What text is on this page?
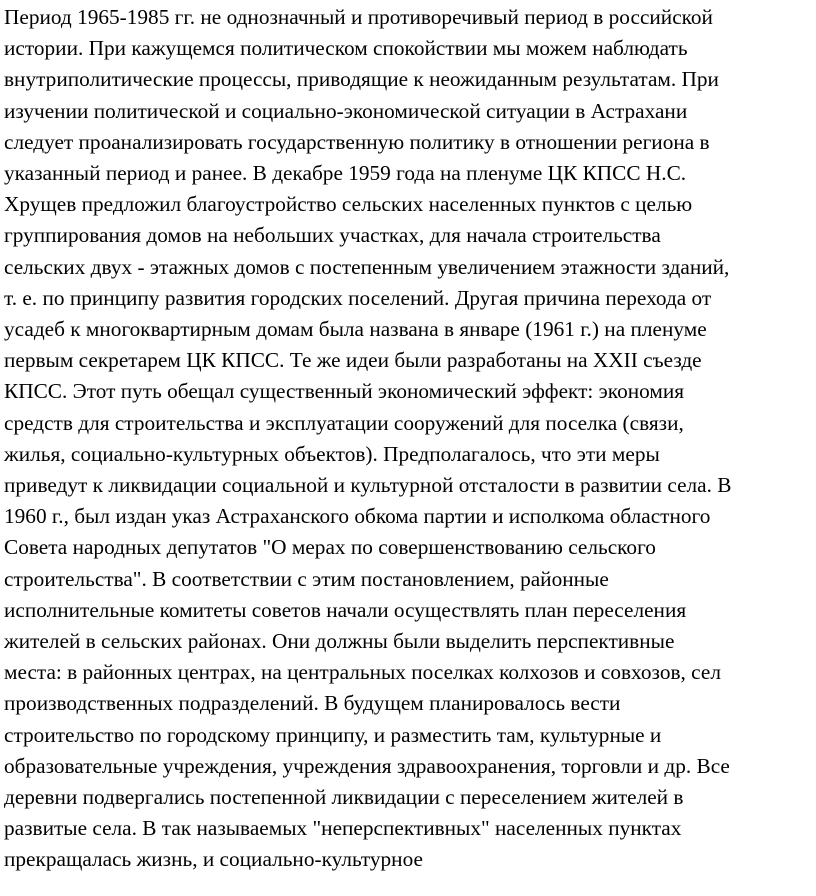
Период 1965-1985 гг. не однозначный и противоречивый период в российской
истории. При кажущемся политическом спокойствии мы можем наблюдать
внутриполитические процессы, приводящие к неожиданным результатам. При
изучении политической и социально-экономической ситуации в Астрахани
следует проанализировать государственную политику в отношении региона в
указанный период и ранее. В декабре 1959 года на пленуме ЦК КПСС Н.С.
Хрущев предложил благоустройство сельских населенных пунктов с целью
группирования домов на небольших участках, для начала строительства
сельских двух - этажных домов с постепенным увеличением этажности зданий,
т. е. по принципу развития городских поселений. Другая причина перехода от
усадеб к многоквартирным домам была названа в январе (1961 г.) на пленуме
первым секретарем ЦК КПСС. Те же идеи были разработаны на XXII съезде
КПСС. Этот путь обещал существенный экономический эффект: экономия
средств для строительства и эксплуатации сооружений для поселка (связи,
жилья, социально-культурных объектов). Предполагалось, что эти меры
приведут к ликвидации социальной и культурной отсталости в развитии села. В
1960 г., был издан указ Астраханского обкома партии и исполкома областного
Совета народных депутатов "О мерах по совершенствованию сельского
строительства". В соответствии с этим постановлением, районные
исполнительные комитеты советов начали осуществлять план переселения
жителей в сельских районах. Они должны были выделить перспективные
места: в районных центрах, на центральных поселках колхозов и совхозов, сел
производственных подразделений. В будущем планировалось вести
строительство по городскому принципу, и разместить там, культурные и
образовательные учреждения, учреждения здравоохранения, торговли и др. Все
деревни подвергались постепенной ликвидации с переселением жителей в
развитые села. В так называемых "неперспективных" населенных пунктах
прекращалась жизнь, и социально-культурное
